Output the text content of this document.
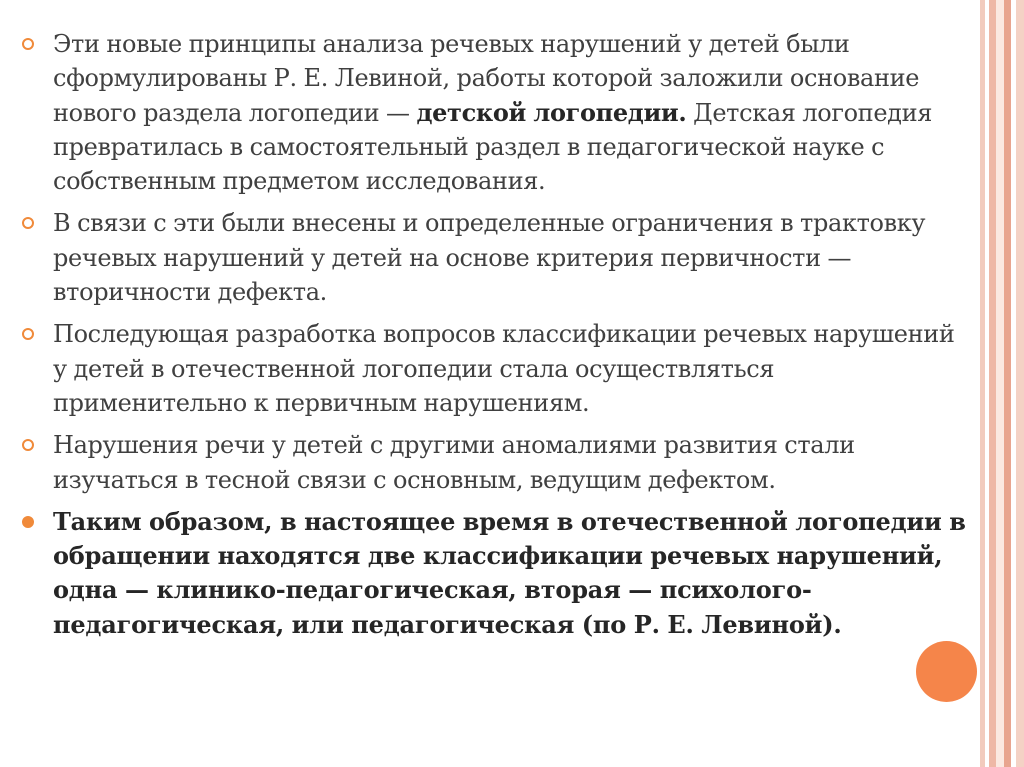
Эти новые принципы анализа речевых нарушений у детей были сформулированы Р. Е. Левиной, работы которой заложили основание нового раздела логопедии — детской логопедии. Детская логопедия превратилась в самостоятельный раздел в педагогической науке с собственным предметом исследования.
В связи с эти были внесены и определенные ограничения в трактовку речевых нарушений у детей на основе критерия первичности — вторичности дефекта.
Последующая разработка вопросов классификации речевых нарушений у детей в отечественной логопедии стала осуществляться применительно к первичным нарушениям.
Нарушения речи у детей с другими аномалиями развития стали изучаться в тесной связи с основным, ведущим дефектом.
Таким образом, в настоящее время в отечественной логопедии в обращении находятся две классификации речевых нарушений, одна — клинико-педагогическая, вторая — психолого-педагогическая, или педагогическая (по Р. Е. Левиной).
